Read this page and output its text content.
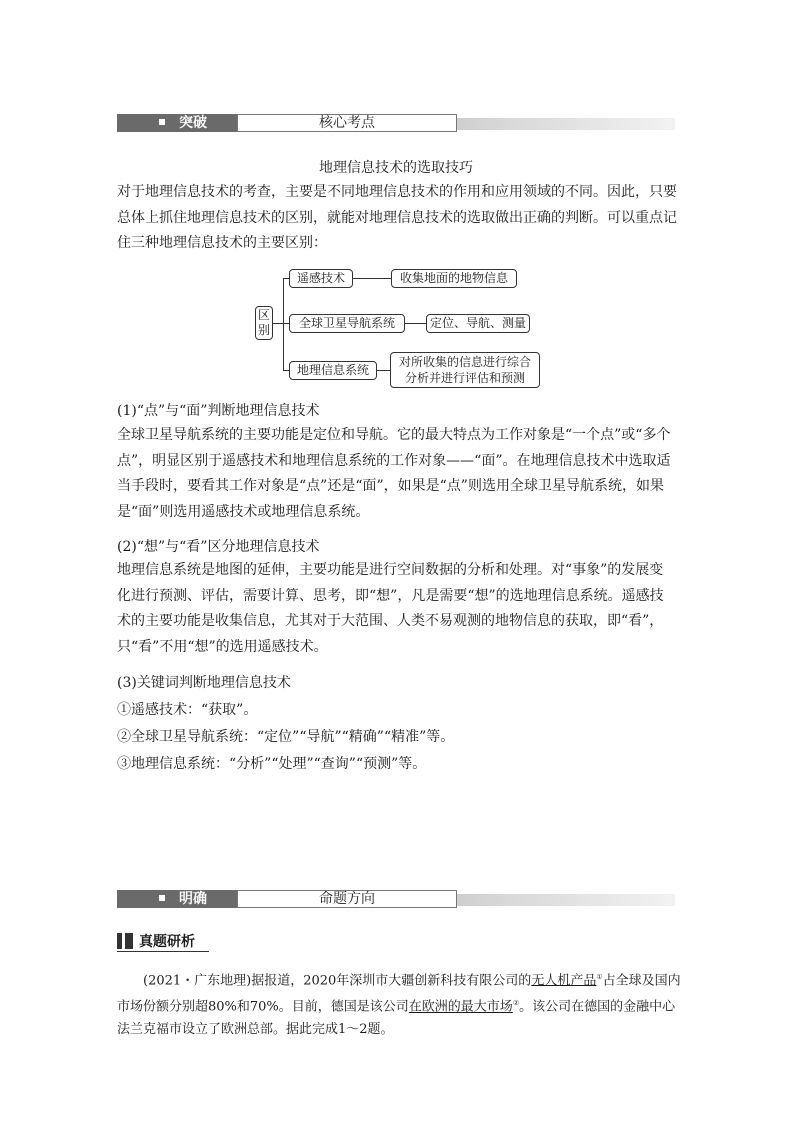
突破	核心考点
地理信息技术的选取技巧
对于地理信息技术的考查，主要是不同地理信息技术的作用和应用领域的不同。因此，只要总体上抓住地理信息技术的区别，就能对地理信息技术的选取做出正确的判断。可以重点记住三种地理信息技术的主要区别：
区
别
遥感技术	收集地面的地物信息
全球卫星导航系统	定位、导航、测量
地理信息系统
对所收集的信息进行综合
分析并进行评估和预测
(1)“点”与“面”判断地理信息技术
全球卫星导航系统的主要功能是定位和导航。它的最大特点为工作对象是“一个点”或“多个点”，明显区别于遥感技术和地理信息系统的工作对象——“面”。在地理信息技术中选取适当手段时，要看其工作对象是“点”还是“面”，如果是“点”则选用全球卫星导航系统，如果是“面”则选用遥感技术或地理信息系统。
(2)“想”与“看”区分地理信息技术
地理信息系统是地图的延伸，主要功能是进行空间数据的分析和处理。对“事象”的发展变化进行预测、评估，需要计算、思考，即“想”，凡是需要“想”的选地理信息系统。遥感技术的主要功能是收集信息，尤其对于大范围、人类不易观测的地物信息的获取，即“看”，只“看”不用“想”的选用遥感技术。
(3)关键词判断地理信息技术
①遥感技术：“获取”。
②全球卫星导航系统：“定位”“导航”“精确”“精准”等。
③地理信息系统：“分析”“处理”“查询”“预测”等。
明确	命题方向
真题研析
(2021・广东地理)据报道，2020年深圳市大疆创新科技有限公司的无人机产品①占全球及国内市场份额分别超80%和70%。目前，德国是该公司在欧洲的最大市场②。该公司在德国的金融中心法兰克福市设立了欧洲总部。据此完成1～2题。
